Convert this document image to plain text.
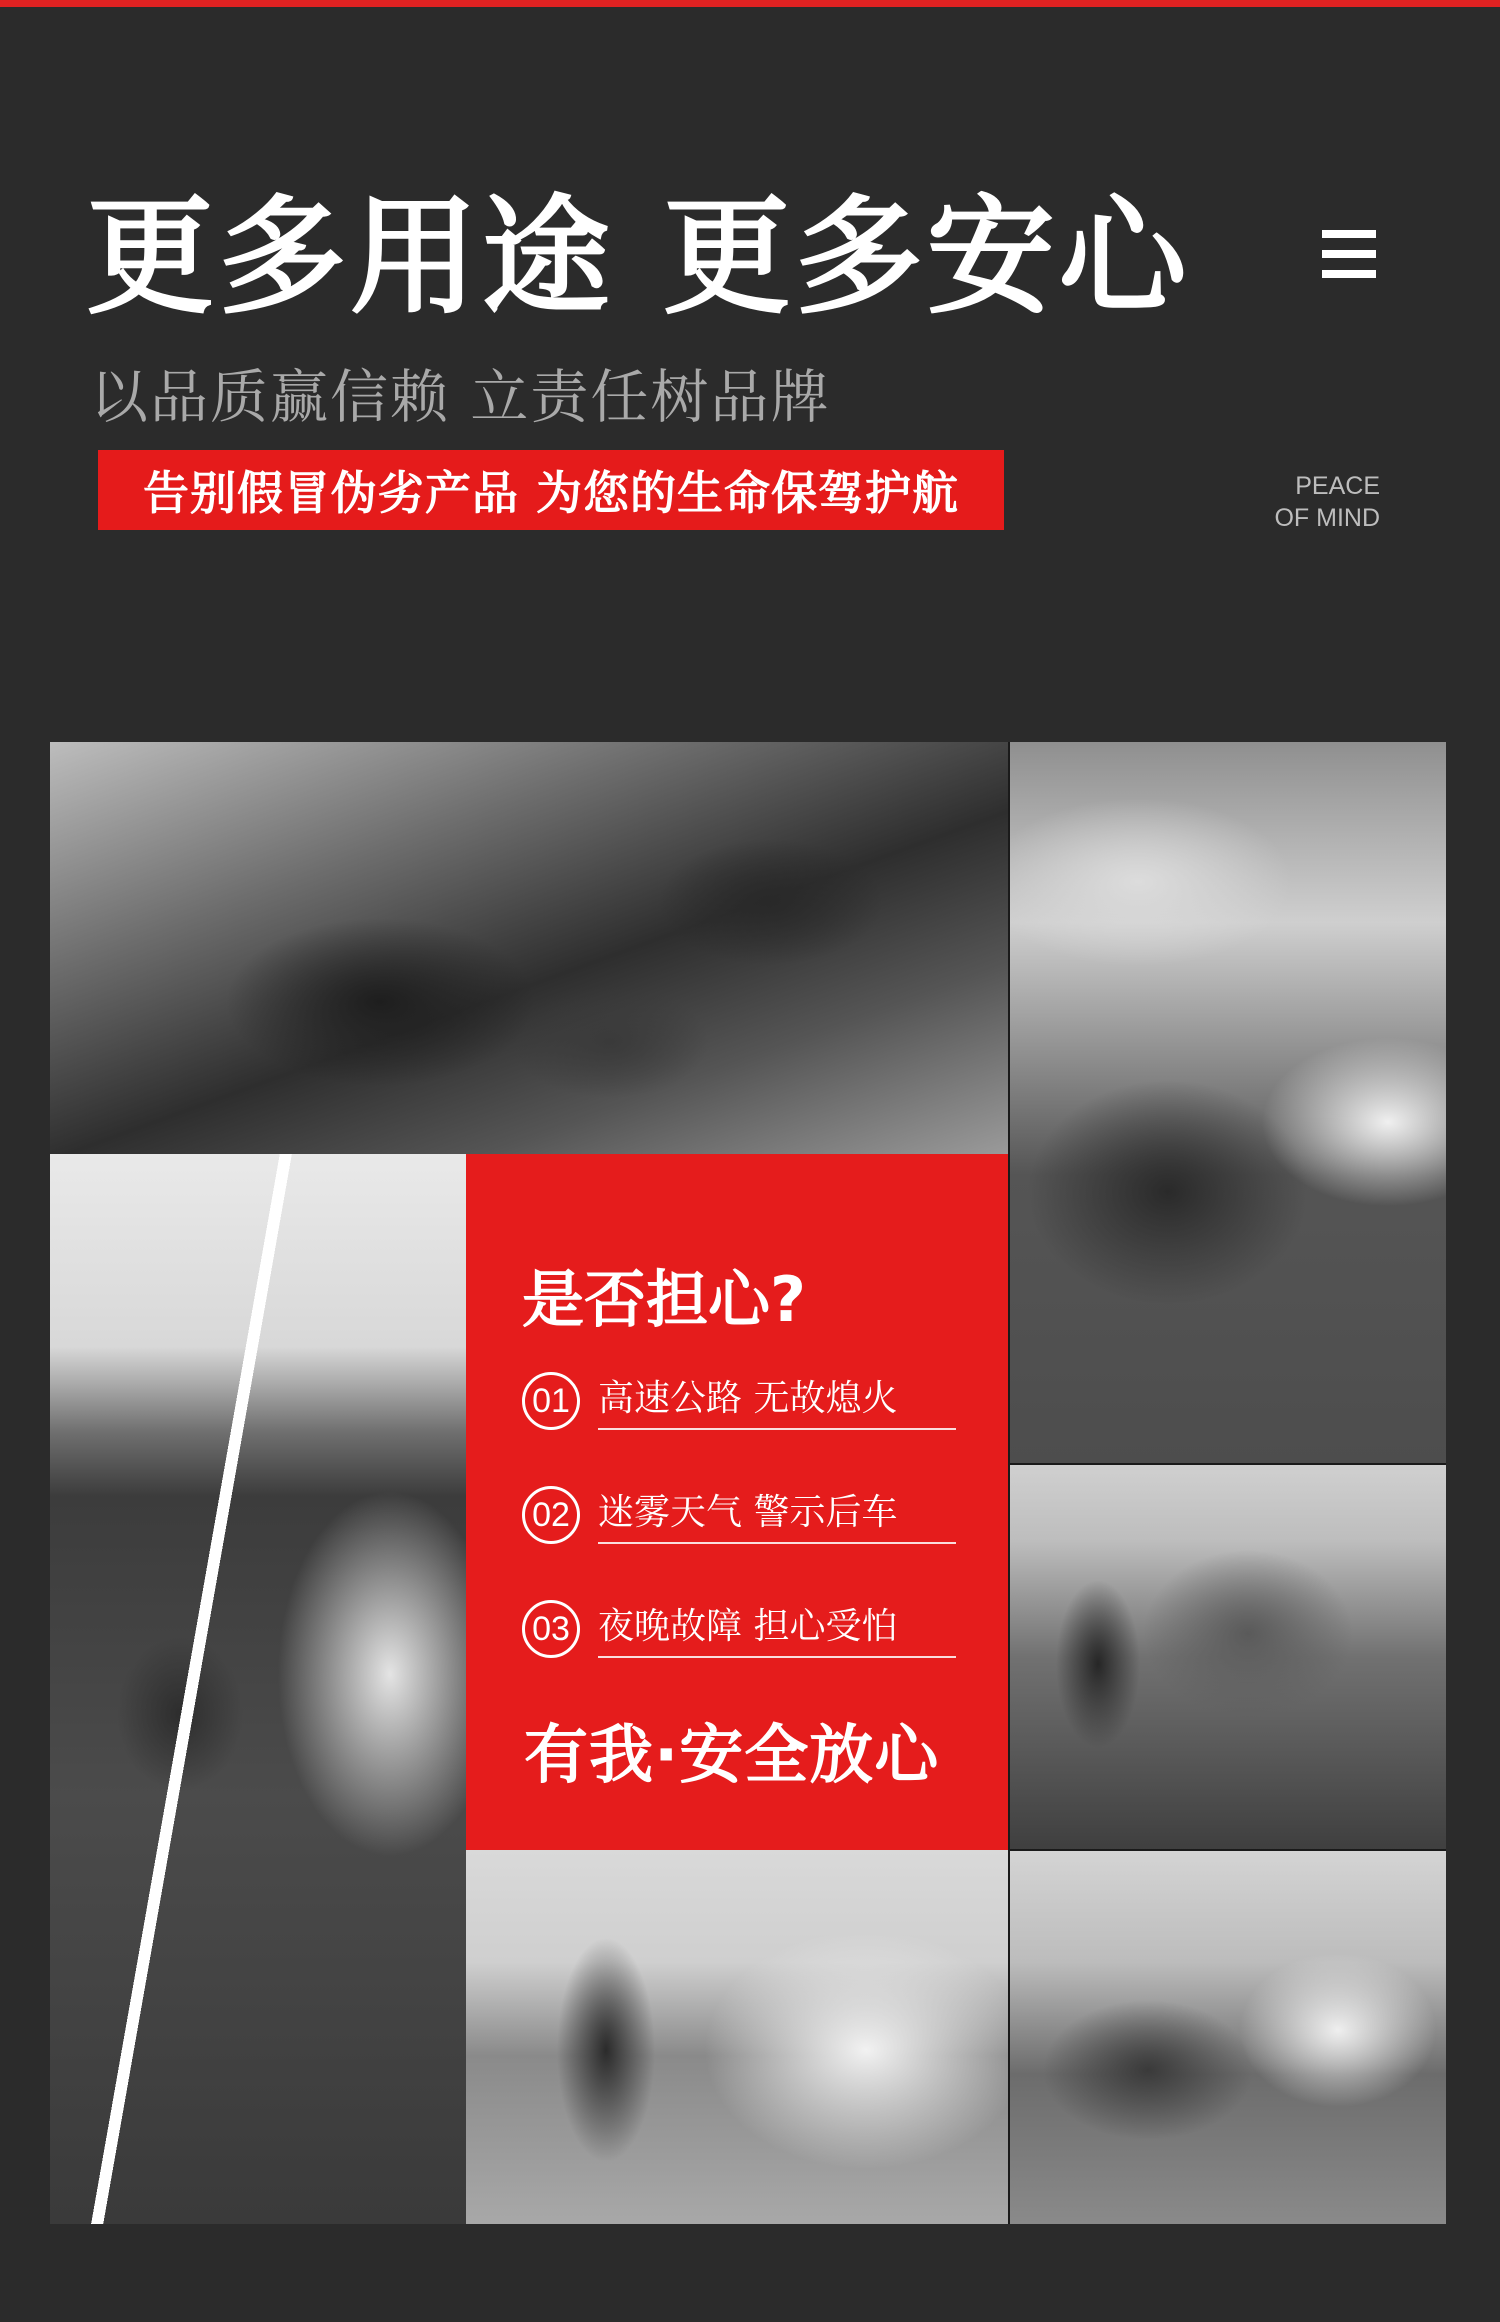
更多用途 更多安心
以品质赢信赖 立责任树品牌
告别假冒伪劣产品 为您的生命保驾护航	PEACE
OF MIND
是否担心?
01 高速公路 无故熄火
02 迷雾天气 警示后车
03 夜晚故障 担心受怕
有我·安全放心
